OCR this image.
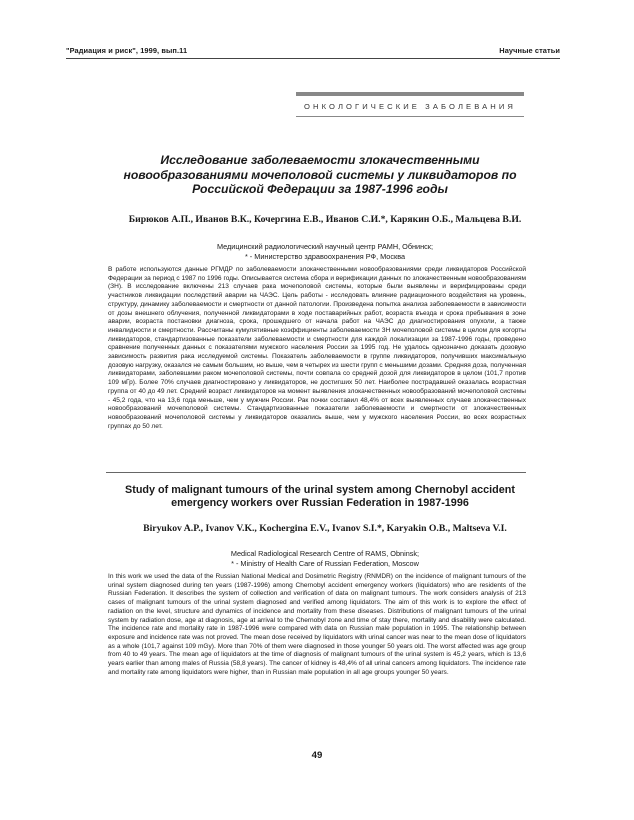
"Радиация и риск", 1999, вып.11	Научные статьи
ОНКОЛОГИЧЕСКИЕ ЗАБОЛЕВАНИЯ
Исследование заболеваемости злокачественными новообразованиями мочеполовой системы у ликвидаторов по Российской Федерации за 1987-1996 годы
Бирюков А.П., Иванов В.К., Кочергина Е.В., Иванов С.И.*, Карякин О.Б., Мальцева В.И.
Медицинский радиологический научный центр РАМН, Обнинск;
* - Министерство здравоохранения РФ, Москва
В работе используются данные РГМДР по заболеваемости злокачественными новообразованиями среди ликвидаторов Российской Федерации за период с 1987 по 1996 годы. Описывается система сбора и верификации данных по злокачественным новообразованиям (ЗН). В исследование включены 213 случаев рака мочеполовой системы, которые были выявлены и верифицированы среди участников ликвидации последствий аварии на ЧАЭС. Цель работы - исследовать влияние радиационного воздействия на уровень, структуру, динамику заболеваемости и смертности от данной патологии. Произведена попытка анализа заболеваемости в зависимости от дозы внешнего облучения, полученной ликвидаторами в ходе поставарийных работ, возраста въезда и срока пребывания в зоне аварии, возраста постановки диагноза, срока, прошедшего от начала работ на ЧАЭС до диагностирования опухоли, а также инвалидности и смертности. Рассчитаны кумулятивные коэффициенты заболеваемости ЗН мочеполовой системы в целом для когорты ликвидаторов, стандартизованные показатели заболеваемости и смертности для каждой локализации за 1987-1996 годы, проведено сравнение полученных данных с показателями мужского населения России за 1995 год. Не удалось однозначно доказать дозовую зависимость развития рака исследуемой системы. Показатель заболеваемости в группе ликвидаторов, получивших максимальную дозовую нагрузку, оказался не самым большим, но выше, чем в четырех из шести групп с меньшими дозами. Средняя доза, полученная ликвидаторами, заболевшими раком мочеполовой системы, почти совпала со средней дозой для ликвидаторов в целом (101,7 против 109 мГр). Более 70% случаев диагностировано у ликвидаторов, не достигших 50 лет. Наиболее пострадавшей оказалась возрастная группа от 40 до 49 лет. Средний возраст ликвидаторов на момент выявления злокачественных новообразований мочеполовой системы - 45,2 года, что на 13,6 года меньше, чем у мужчин России. Рак почки составил 48,4% от всех выявленных случаев злокачественных новообразований мочеполовой системы. Стандартизованные показатели заболеваемости и смертности от злокачественных новообразований мочеполовой системы у ликвидаторов оказались выше, чем у мужского населения России, во всех возрастных группах до 50 лет.
Study of malignant tumours of the urinal system among Chernobyl accident emergency workers over Russian Federation in 1987-1996
Biryukov A.P., Ivanov V.K., Kochergina E.V., Ivanov S.I.*, Karyakin O.B., Maltseva V.I.
Medical Radiological Research Centre of RAMS, Obninsk;
* - Ministry of Health Care of Russian Federation, Moscow
In this work we used the data of the Russian National Medical and Dosimetric Registry (RNMDR) on the incidence of malignant tumours of the urinal system diagnosed during ten years (1987-1996) among Chernobyl accident emergency workers (liquidators) who are residents of the Russian Federation. It describes the system of collection and verification of data on malignant tumours. The work considers analysis of 213 cases of malignant tumours of the urinal system diagnosed and verified among liquidators. The aim of this work is to explore the effect of radiation on the level, structure and dynamics of incidence and mortality from these diseases. Distributions of malignant tumours of the urinal system by radiation dose, age at diagnosis, age at arrival to the Chernobyl zone and time of stay there, mortality and disability were calculated. The incidence rate and mortality rate in 1987-1996 were compared with data on Russian male population in 1995. The relationship between exposure and incidence rate was not proved. The mean dose received by liquidators with urinal cancer was near to the mean dose of liquidators as a whole (101,7 against 109 mGy). More than 70% of them were diagnosed in those younger 50 years old. The worst affected was age group from 40 to 49 years. The mean age of liquidators at the time of diagnosis of malignant tumours of the urinal system is 45,2 years, which is 13,6 years earlier than among males of Russia (58,8 years). The cancer of kidney is 48,4% of all urinal cancers among liquidators. The incidence rate and mortality rate among liquidators were higher, than in Russian male population in all age groups younger 50 years.
49
